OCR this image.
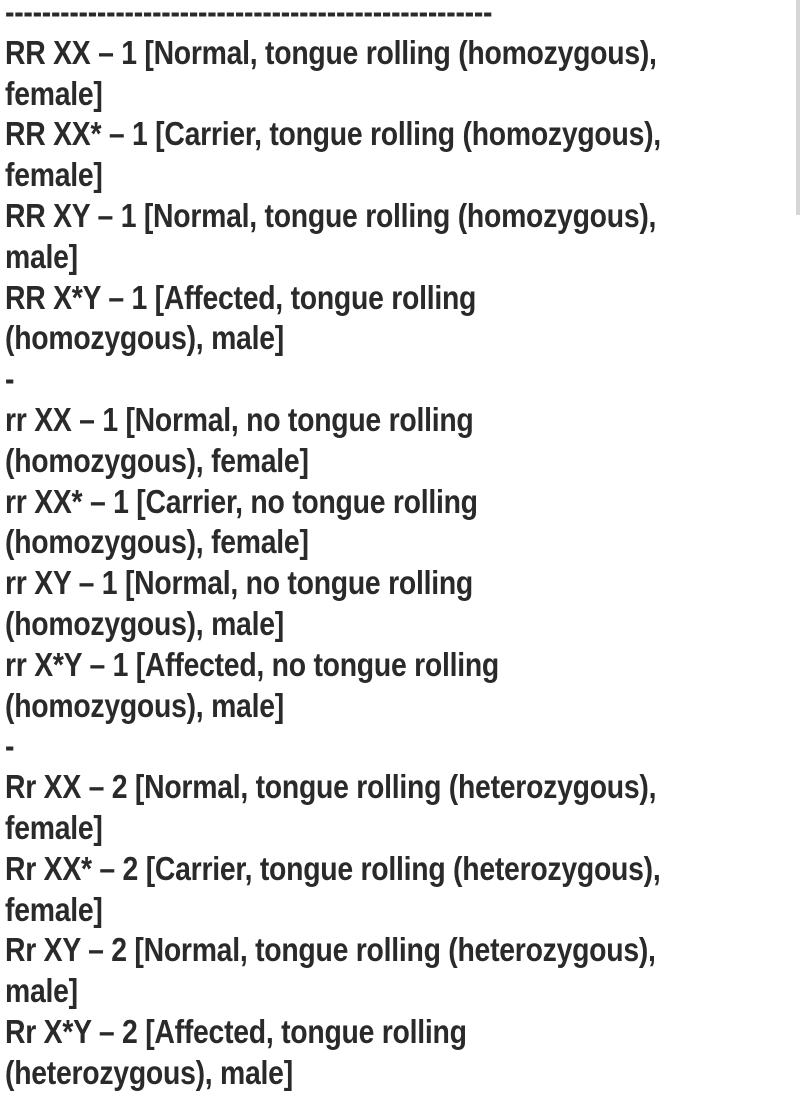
-----------------------------------------------------
RR XX – 1 [Normal, tongue rolling (homozygous),
female]
RR XX* – 1 [Carrier, tongue rolling (homozygous),
female]
RR XY – 1 [Normal, tongue rolling (homozygous),
male]
RR X*Y – 1 [Affected, tongue rolling
(homozygous), male]
-
rr XX – 1 [Normal, no tongue rolling
(homozygous), female]
rr XX* – 1 [Carrier, no tongue rolling
(homozygous), female]
rr XY – 1 [Normal, no tongue rolling
(homozygous), male]
rr X*Y – 1 [Affected, no tongue rolling
(homozygous), male]
-
Rr XX – 2 [Normal, tongue rolling (heterozygous),
female]
Rr XX* – 2 [Carrier, tongue rolling (heterozygous),
female]
Rr XY – 2 [Normal, tongue rolling (heterozygous),
male]
Rr X*Y – 2 [Affected, tongue rolling
(heterozygous), male]
